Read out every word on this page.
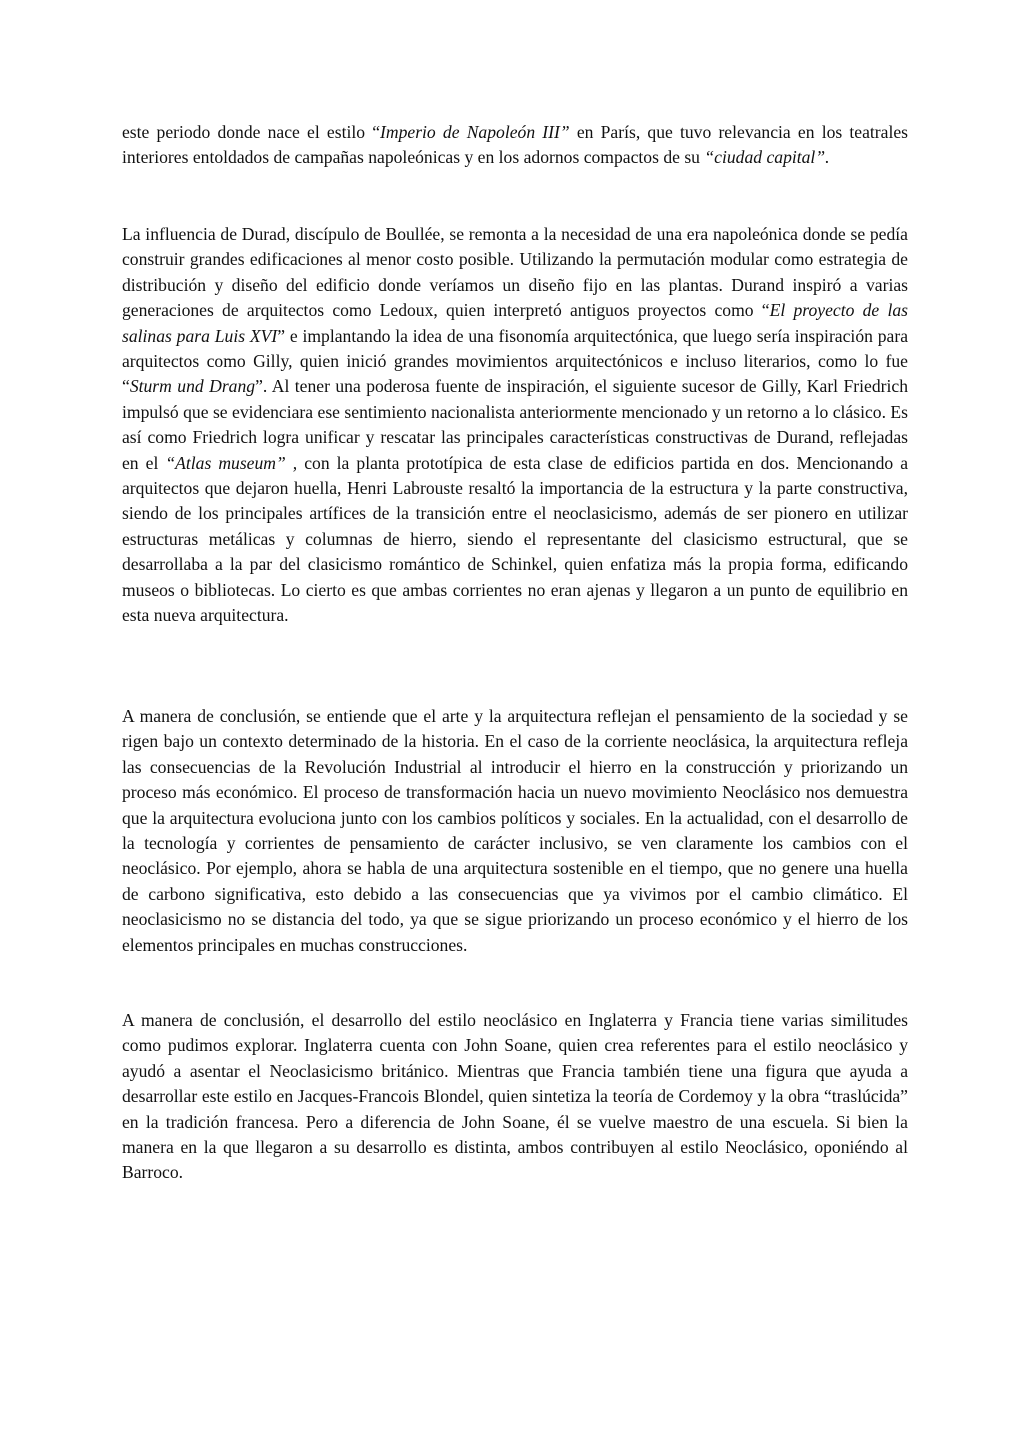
este periodo donde nace el estilo “Imperio de Napoleón III” en París, que tuvo relevancia en los teatrales interiores entoldados de campañas napoleónicas y en los adornos compactos de su “ciudad capital”.

La influencia de Durad, discípulo de Boullée, se remonta a la necesidad de una era napoleónica donde se pedía construir grandes edificaciones al menor costo posible. Utilizando la permutación modular como estrategia de distribución y diseño del edificio donde veríamos un diseño fijo en las plantas. Durand inspiró a varias generaciones de arquitectos como Ledoux, quien interpretó antiguos proyectos como “El proyecto de las salinas para Luis XVI” e implantando la idea de una fisonomía arquitectónica, que luego sería inspiración para arquitectos como Gilly, quien inició grandes movimientos arquitectónicos e incluso literarios, como lo fue “Sturm und Drang”. Al tener una poderosa fuente de inspiración, el siguiente sucesor de Gilly, Karl Friedrich impulsó que se evidenciara ese sentimiento nacionalista anteriormente mencionado y un retorno a lo clásico. Es así como Friedrich logra unificar y rescatar las principales características constructivas de Durand, reflejadas en el “Atlas museum” , con la planta prototípica de esta clase de edificios partida en dos. Mencionando a arquitectos que dejaron huella, Henri Labrouste resaltó la importancia de la estructura y la parte constructiva, siendo de los principales artífices de la transición entre el neoclasicismo, además de ser pionero en utilizar estructuras metálicas y columnas de hierro, siendo el representante del clasicismo estructural, que se desarrollaba a la par del clasicismo romántico de Schinkel, quien enfatiza más la propia forma, edificando museos o bibliotecas. Lo cierto es que ambas corrientes no eran ajenas y llegaron a un punto de equilibrio en esta nueva arquitectura.

A manera de conclusión, se entiende que el arte y la arquitectura reflejan el pensamiento de la sociedad y se rigen bajo un contexto determinado de la historia. En el caso de la corriente neoclásica, la arquitectura refleja las consecuencias de la Revolución Industrial al introducir el hierro en la construcción y priorizando un proceso más económico. El proceso de transformación hacia un nuevo movimiento Neoclásico nos demuestra que la arquitectura evoluciona junto con los cambios políticos y sociales. En la actualidad, con el desarrollo de la tecnología y corrientes de pensamiento de carácter inclusivo, se ven claramente los cambios con el neoclásico. Por ejemplo, ahora se habla de una arquitectura sostenible en el tiempo, que no genere una huella de carbono significativa, esto debido a las consecuencias que ya vivimos por el cambio climático. El neoclasicismo no se distancia del todo, ya que se sigue priorizando un proceso económico y el hierro de los elementos principales en muchas construcciones.

A manera de conclusión, el desarrollo del estilo neoclásico en Inglaterra y Francia tiene varias similitudes como pudimos explorar. Inglaterra cuenta con John Soane, quien crea referentes para el estilo neoclásico y ayudó a asentar el Neoclasicismo británico. Mientras que Francia también tiene una figura que ayuda a desarrollar este estilo en Jacques-Francois Blondel, quien sintetiza la teoría de Cordemoy y la obra “traslúcida” en la tradición francesa. Pero a diferencia de John Soane, él se vuelve maestro de una escuela. Si bien la manera en la que llegaron a su desarrollo es distinta, ambos contribuyen al estilo Neoclásico, oponiéndo al Barroco.
